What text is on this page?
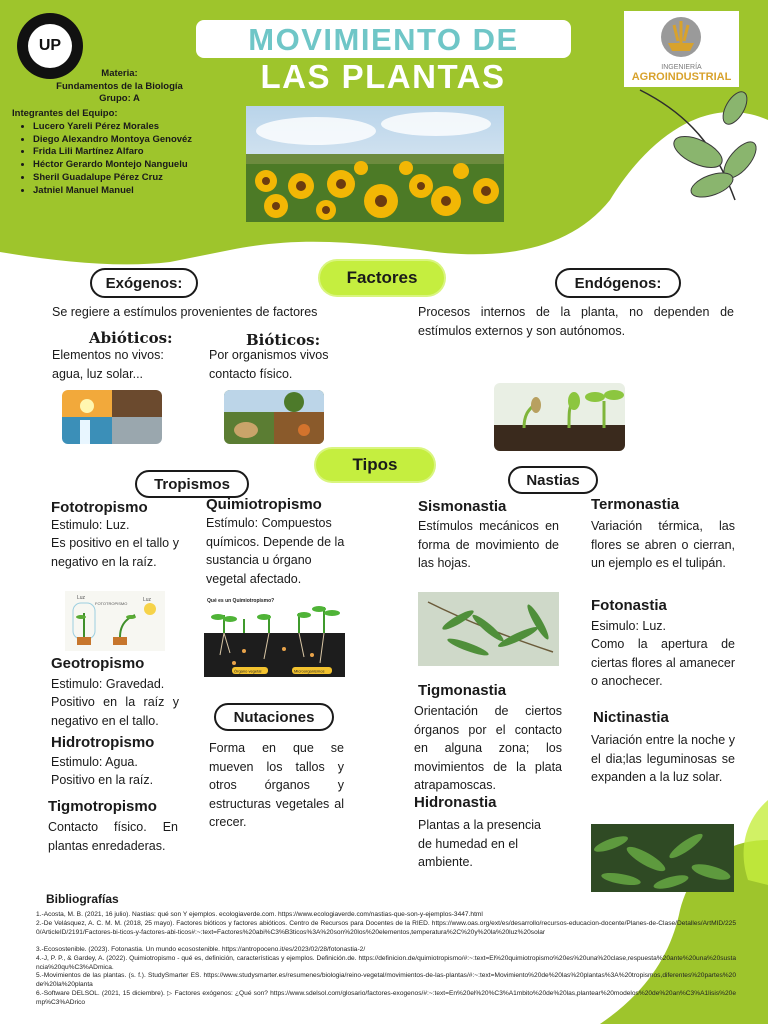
UP	MOVIMIENTO DE
LAS PLANTAS	INGENIERÍA
AGROINDUSTRIAL
Materia:
Fundamentos de la Biología
Grupo: A
Integrantes del Equipo:
• Lucero Yareli Pérez Morales
• Diego Alexandro Montoya Genovéz
• Frida Lili Martínez Alfaro
• Héctor Gerardo Montejo Nanguelu
• Sheril Guadalupe Pérez Cruz
• Jatniel Manuel Manuel
Factores
Exógenos:	Endógenos:
Se regiere a estímulos provenientes de factores	Procesos internos de la planta, no dependen de estímulos externos y son autónomos.
Abióticos:	Bióticos:
Elementos no vivos: agua, luz solar...
Por organismos vivos contacto físico.
Tipos
Tropismos	Nastias
Fototropismo
Estimulo: Luz.
Es positivo en el tallo y negativo en la raíz.
Quimiotropismo
Estímulo: Compuestos químicos. Depende de la sustancia u órgano vegetal afectado.
Luz
FOTOTROPISMO
Luz	Qué es un Quimiotropismo?
Órgano vegetal	Microorganismos
Geotropismo
Estimulo: Gravedad.
Positivo en la raíz y negativo en el tallo.
Hidrotropismo
Estimulo: Agua.
Positivo en la raíz.
Tigmotropismo
Contacto físico. En plantas enredaderas.
Nutaciones
Forma en que se mueven los tallos y otros órganos y estructuras vegetales al crecer.
Sismonastia
Estímulos mecánicos en forma de movimiento de las hojas.
Tigmonastia
Orientación de ciertos órganos por el contacto en alguna zona; los movimientos de la plata atrapamoscas.
Hidronastia
Plantas a la presencia de humedad en el ambiente.
Termonastia
Variación térmica, las flores se abren o cierran, un ejemplo es el tulipán.
Fotonastia
Esimulo: Luz.
Como la apertura de ciertas flores al amanecer o anochecer.
Nictinastia
Variación entre la noche y el dia;las leguminosas se expanden a la luz solar.
Bibliografías
1.-Acosta, M. B. (2021, 16 julio). Nastias: qué son Y ejemplos. ecologiaverde.com. https://www.ecologiaverde.com/nastias-que-son-y-ejemplos-3447.html
2.-De Velásquez, A. C. M. M. (2018, 25 mayo). Factores bióticos y factores abióticos. Centro de Recursos para Docentes de la RIED. https://www.oas.org/ext/es/desarrollo/recursos-educacion-docente/Planes-de-Clase/Detalles/ArtMID/2250/ArticleID/2191/Factores-bi-ticos-y-factores-abi-ticos#:~:text=Factores%20abi%C3%B3ticos%3A%20son%20los%20elementos,temperatura%2C%20y%20la%20luz%20solar
3.-Ecosostenible. (2023). Fotonastia. Un mundo ecosostenible. https://antropoceno.it/es/2023/02/28/fotonastia-2/
4.-J, P. P., & Gardey, A. (2022). Quimiotropismo - qué es, definición, características y ejemplos. Definición.de. https://definicion.de/quimiotropismo/#:~:text=El%20quimiotropismo%20es%20una%20clase,respuesta%20ante%20una%20sustancia%20qu%C3%ADmica.
5.-Movimientos de las plantas. (s. f.). StudySmarter ES. https://www.studysmarter.es/resumenes/biologia/reino-vegetal/movimientos-de-las-plantas/#:~:text=Movimiento%20de%20las%20plantas%3A%20tropismos,diferentes%20partes%20de%20la%20planta
6.-Software DELSOL. (2021, 15 diciembre). ▷ Factores exógenos: ¿Qué son? https://www.sdelsol.com/glosario/factores-exogenos/#:~:text=En%20el%20%C3%A1mbito%20de%20las,plantear%20modelos%20de%20an%C3%A1lisis%20emp%C3%ADrico
